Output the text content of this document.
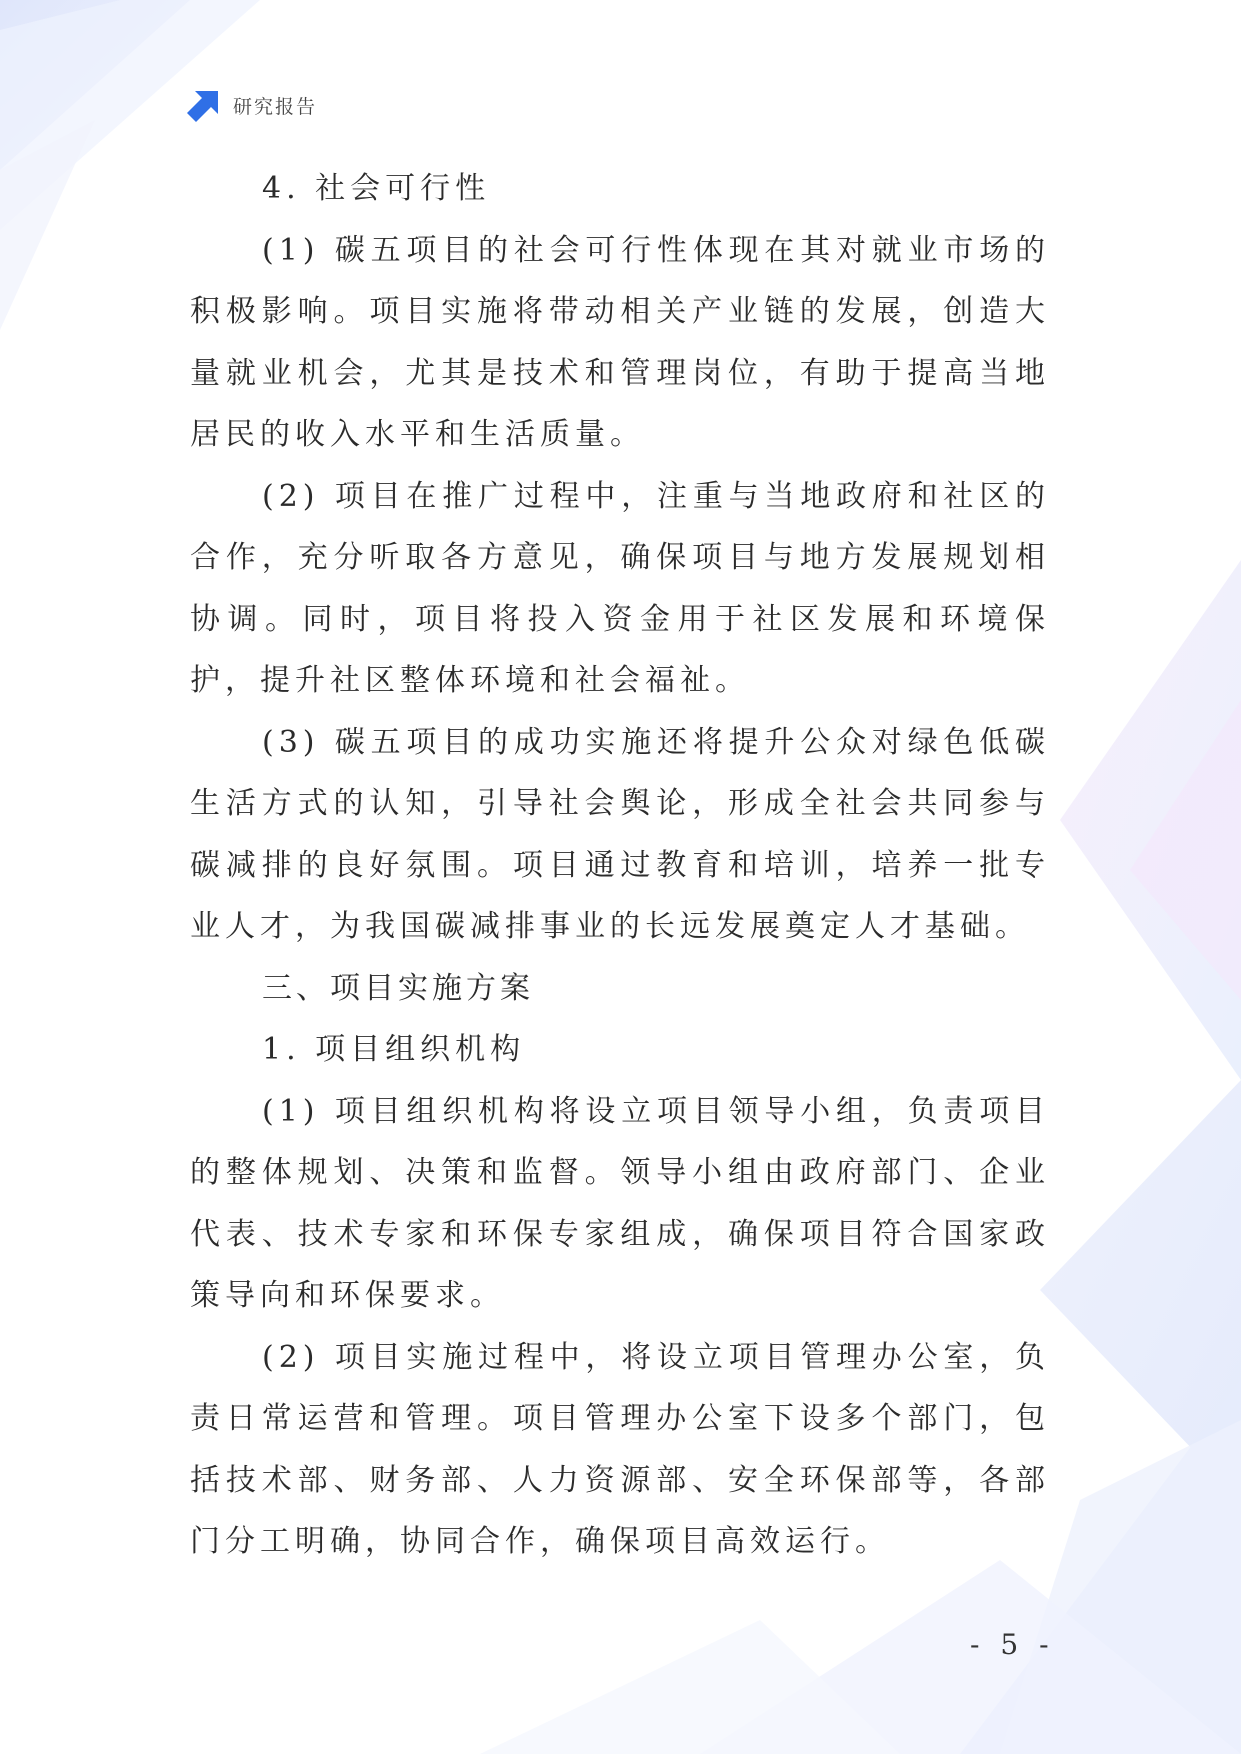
研究报告

4. 社会可行性

(1) 碳五项目的社会可行性体现在其对就业市场的积极影响。项目实施将带动相关产业链的发展，创造大量就业机会，尤其是技术和管理岗位，有助于提高当地居民的收入水平和生活质量。

(2) 项目在推广过程中，注重与当地政府和社区的合作，充分听取各方意见，确保项目与地方发展规划相协调。同时，项目将投入资金用于社区发展和环境保护，提升社区整体环境和社会福祉。

(3) 碳五项目的成功实施还将提升公众对绿色低碳生活方式的认知，引导社会舆论，形成全社会共同参与碳减排的良好氛围。项目通过教育和培训，培养一批专业人才，为我国碳减排事业的长远发展奠定人才基础。

三、项目实施方案

1. 项目组织机构

(1) 项目组织机构将设立项目领导小组，负责项目的整体规划、决策和监督。领导小组由政府部门、企业代表、技术专家和环保专家组成，确保项目符合国家政策导向和环保要求。

(2) 项目实施过程中，将设立项目管理办公室，负责日常运营和管理。项目管理办公室下设多个部门，包括技术部、财务部、人力资源部、安全环保部等，各部门分工明确，协同合作，确保项目高效运行。

- 5 -
